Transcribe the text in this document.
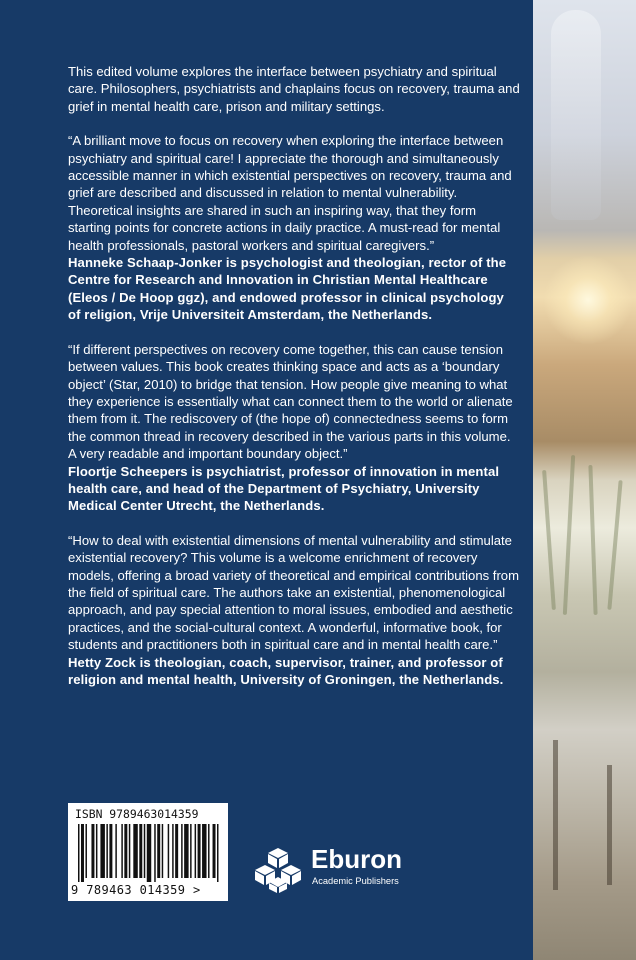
This edited volume explores the interface between psychiatry and spiritual care. Philosophers, psychiatrists and chaplains focus on recovery, trauma and grief in mental health care, prison and military settings.

“A brilliant move to focus on recovery when exploring the interface between psychiatry and spiritual care! I appreciate the thorough and simultaneously accessible manner in which existential perspectives on recovery, trauma and grief are described and discussed in relation to mental vulnerability. Theoretical insights are shared in such an inspiring way, that they form starting points for concrete actions in daily practice. A must-read for mental health professionals, pastoral workers and spiritual caregivers.”

Hanneke Schaap-Jonker is psychologist and theologian, rector of the Centre for Research and Innovation in Christian Mental Healthcare (Eleos / De Hoop ggz), and endowed professor in clinical psychology of religion, Vrije Universiteit Amsterdam, the Netherlands.

“If different perspectives on recovery come together, this can cause tension between values. This book creates thinking space and acts as a ‘boundary object’ (Star, 2010) to bridge that tension. How people give meaning to what they experience is essentially what can connect them to the world or alienate them from it. The rediscovery of (the hope of) connectedness seems to form the common thread in recovery described in the various parts in this volume. A very readable and important boundary object.”

Floortje Scheepers is psychiatrist, professor of innovation in mental health care, and head of the Department of Psychiatry, University Medical Center Utrecht, the Netherlands.

“How to deal with existential dimensions of mental vulnerability and stimulate existential recovery? This volume is a welcome enrichment of recovery models, offering a broad variety of theoretical and empirical contributions from the field of spiritual care. The authors take an existential, phenomenological approach, and pay special attention to moral issues, embodied and aesthetic practices, and the social-cultural context. A wonderful, informative book, for students and practitioners both in spiritual care and in mental health care.”

Hetty Zock is theologian, coach, supervisor, trainer, and professor of religion and mental health, University of Groningen, the Netherlands.

ISBN 9789463014359
9 789463 014359 >
Eburon
Academic Publishers
